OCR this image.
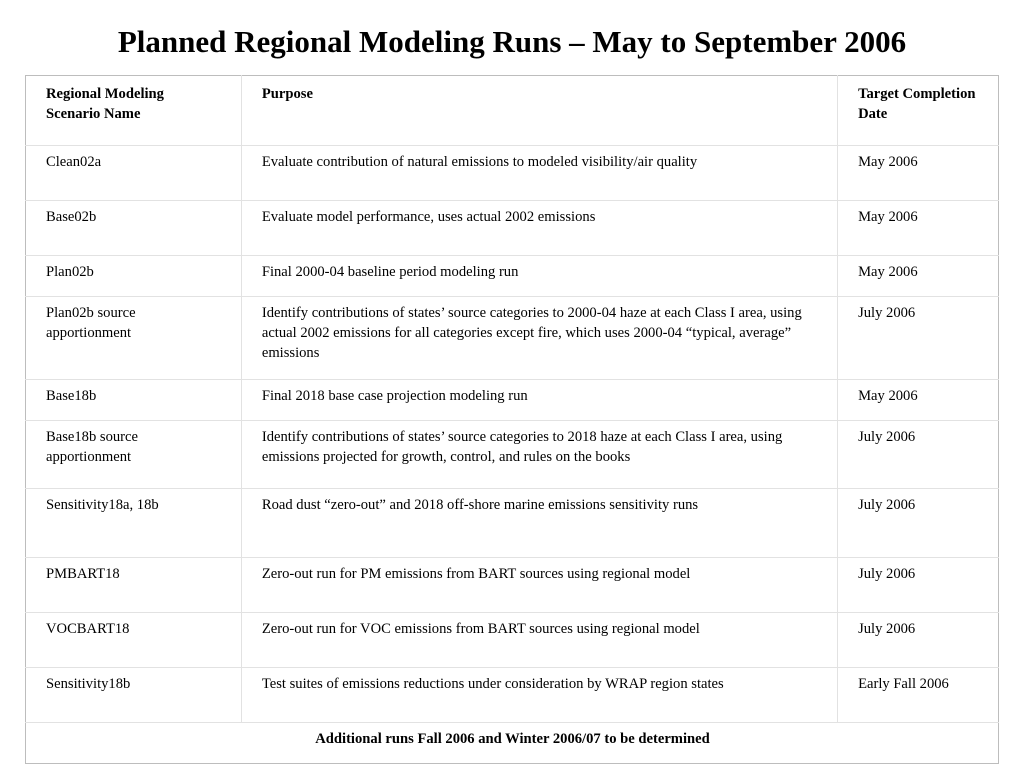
Planned Regional Modeling Runs – May to September 2006
Regional Modeling Scenario Name	Purpose	Target Completion Date
Clean02a	Evaluate contribution of natural emissions to modeled visibility/air quality	May 2006
Base02b	Evaluate model performance, uses actual 2002 emissions	May 2006
Plan02b	Final 2000-04 baseline period modeling run	May 2006
Plan02b source apportionment	Identify contributions of states’ source categories to 2000-04 haze at each Class I area, using actual 2002 emissions for all categories except fire, which uses 2000-04 “typical, average” emissions	July 2006
Base18b	Final 2018 base case projection modeling run	May 2006
Base18b source apportionment	Identify contributions of states’ source categories to 2018 haze at each Class I area, using emissions projected for growth, control, and rules on the books	July 2006
Sensitivity18a, 18b	Road dust “zero-out” and 2018 off-shore marine emissions sensitivity runs	July 2006
PMBART18	Zero-out run for PM emissions from BART sources using regional model	July 2006
VOCBART18	Zero-out run for VOC emissions from BART sources using regional model	July 2006
Sensitivity18b	Test suites of emissions reductions under consideration by WRAP region states	Early Fall 2006
Additional runs Fall 2006 and Winter 2006/07 to be determined		
